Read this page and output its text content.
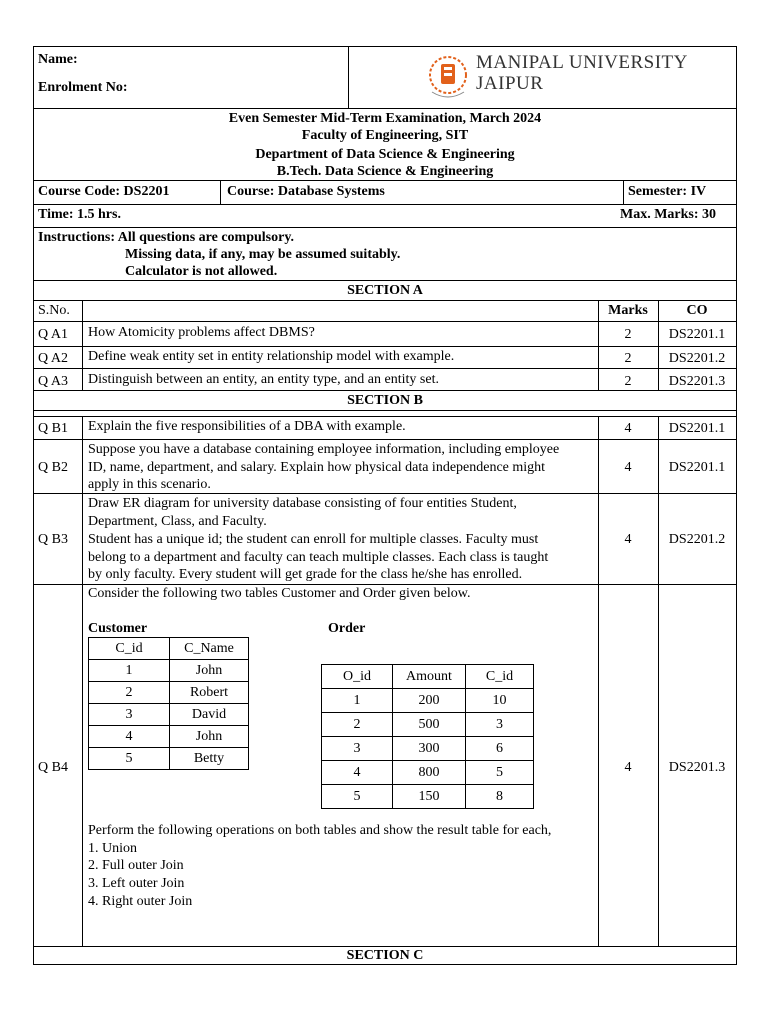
Name:
Enrolment No:
MANIPAL UNIVERSITY
JAIPUR
Even Semester Mid-Term Examination, March 2024
Faculty of Engineering, SIT
Department of Data Science & Engineering
B.Tech. Data Science & Engineering
Course Code: DS2201	Course: Database Systems	Semester: IV
Time: 1.5 hrs.	Max. Marks: 30
Instructions: All questions are compulsory.
Missing data, if any, may be assumed suitably.
Calculator is not allowed.
SECTION A
S.No.	Marks	CO
Q A1 How Atomicity problems affect DBMS?	2	DS2201.1
Q A2 Define weak entity set in entity relationship model with example.	2	DS2201.2
Q A3 Distinguish between an entity, an entity type, and an entity set.	2	DS2201.3
SECTION B
Q B1 Explain the five responsibilities of a DBA with example.	4	DS2201.1
Q B2
Suppose you have a database containing employee information, including employee
ID, name, department, and salary. Explain how physical data independence might
apply in this scenario.
4	DS2201.1
Q B3
Draw ER diagram for university database consisting of four entities Student,
Department, Class, and Faculty.
Student has a unique id; the student can enroll for multiple classes. Faculty must
belong to a department and faculty can teach multiple classes. Each class is taught
by only faculty. Every student will get grade for the class he/she has enrolled.
4	DS2201.2
Q B4
Consider the following two tables Customer and Order given below.
4	DS2201.3
Customer	Order
C_id	C_Name
1	John
2	Robert
3	David
4	John
5	Betty
O_id	Amount	C_id
1	200	10
2	500	3
3	300	6
4	800	5
5	150	8
Perform the following operations on both tables and show the result table for each,
1. Union
2. Full outer Join
3. Left outer Join
4. Right outer Join
SECTION C
